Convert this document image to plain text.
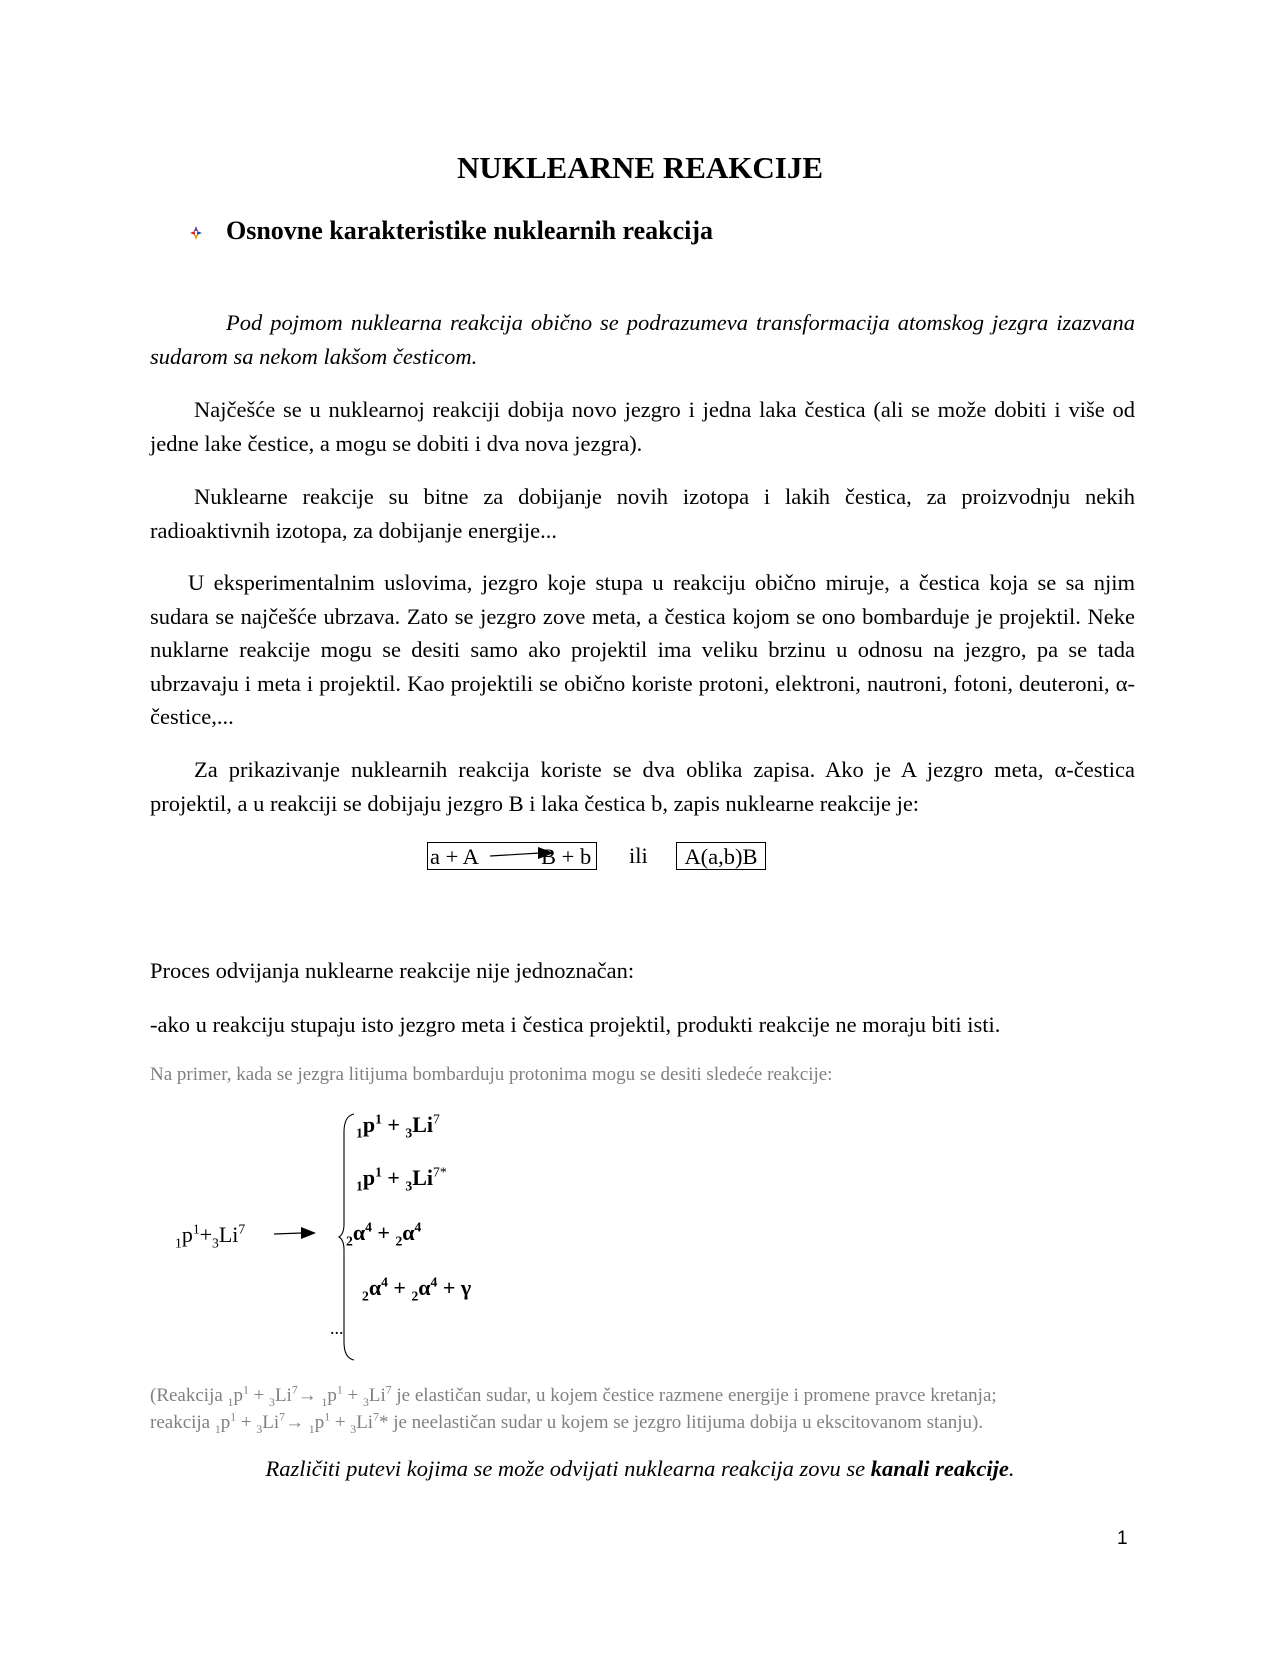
NUKLEARNE REAKCIJE
Osnovne karakteristike nuklearnih reakcija
Pod pojmom nuklearna reakcija obično se podrazumeva transformacija atomskog jezgra izazvana sudarom sa nekom lakšom česticom.
Najčešće se u nuklearnoj reakciji dobija novo jezgro i jedna laka čestica (ali se može dobiti i više od jedne lake čestice, a mogu se dobiti i dva nova jezgra).
Nuklearne reakcije su bitne za dobijanje novih izotopa i lakih čestica, za proizvodnju nekih radioaktivnih izotopa, za dobijanje energije...
U eksperimentalnim uslovima, jezgro koje stupa u reakciju obično miruje, a čestica koja se sa njim sudara se najčešće ubrzava. Zato se jezgro zove meta, a čestica kojom se ono bombarduje je projektil. Neke nuklarne reakcije mogu se desiti samo ako projektil ima veliku brzinu u odnosu na jezgro, pa se tada ubrzavaju i meta i projektil. Kao projektili se obično koriste protoni, elektroni, nautroni, fotoni, deuteroni, α-čestice,...
Za prikazivanje nuklearnih reakcija koriste se dva oblika zapisa. Ako je A jezgro meta, α-čestica projektil, a u reakciji se dobijaju jezgro B i laka čestica b, zapis nuklearne reakcije je:
a + A	B + b ili	A(a,b)B
Proces odvijanja nuklearne reakcije nije jednoznačan:
-ako u reakciju stupaju isto jezgro meta i čestica projektil, produkti reakcije ne moraju biti isti.
Na primer, kada se jezgra litijuma bombarduju protonima mogu se desiti sledeće reakcije:
$_1p^1+_3Li^7$
$_1p^1 + _3Li^7$
$_1p^1 + _3Li^{7*}$
$_2\alpha^4 + _2\alpha^4$
$_2\alpha^4 + _2\alpha^4 + \gamma$
...
(Reakcija $_1p^1 + _3Li^7\to _1p^1 + _3Li^7$ je elastičan sudar, u kojem čestice razmene energije i promene pravce kretanja;
reakcija $_1p^1 + _3Li^7\to _1p^1 + _3Li^7*$ je neelastičan sudar u kojem se jezgro litijuma dobija u ekscitovanom stanju).
Različiti putevi kojima se može odvijati nuklearna reakcija zovu se kanali reakcije.
1
